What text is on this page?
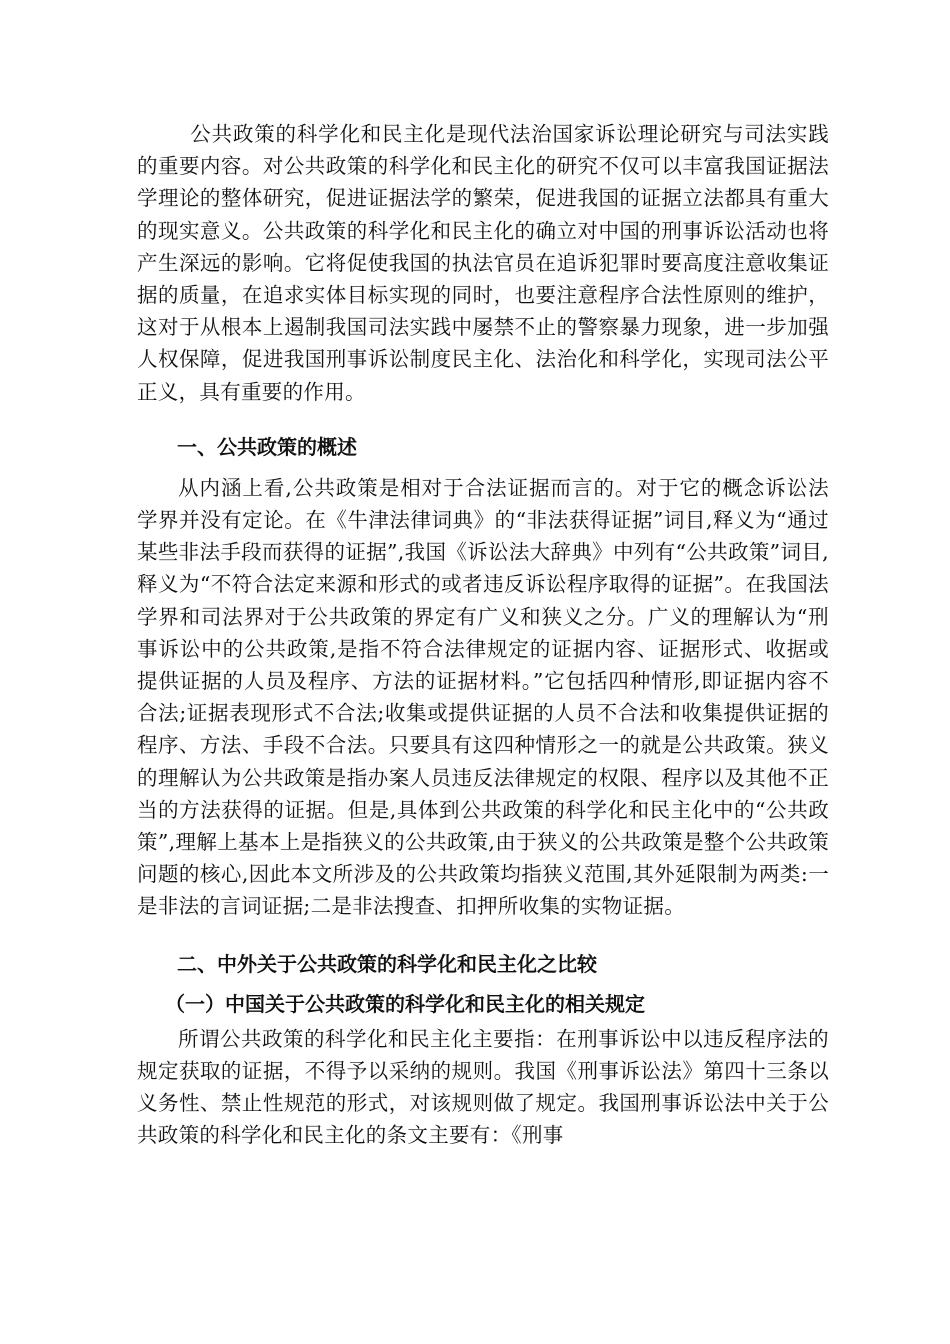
公共政策的科学化和民主化是现代法治国家诉讼理论研究与司法实践的重要内容。对公共政策的科学化和民主化的研究不仅可以丰富我国证据法学理论的整体研究，促进证据法学的繁荣，促进我国的证据立法都具有重大的现实意义。公共政策的科学化和民主化的确立对中国的刑事诉讼活动也将产生深远的影响。它将促使我国的执法官员在追诉犯罪时要高度注意收集证据的质量，在追求实体目标实现的同时，也要注意程序合法性原则的维护，这对于从根本上遏制我国司法实践中屡禁不止的警察暴力现象，进一步加强人权保障，促进我国刑事诉讼制度民主化、法治化和科学化，实现司法公平正义，具有重要的作用。

一、公共政策的概述

从内涵上看,公共政策是相对于合法证据而言的。对于它的概念诉讼法学界并没有定论。在《牛津法律词典》的“非法获得证据”词目,释义为“通过某些非法手段而获得的证据”,我国《诉讼法大辞典》中列有“公共政策”词目,释义为“不符合法定来源和形式的或者违反诉讼程序取得的证据”。在我国法学界和司法界对于公共政策的界定有广义和狭义之分。广义的理解认为“刑事诉讼中的公共政策,是指不符合法律规定的证据内容、证据形式、收据或提供证据的人员及程序、方法的证据材料。”它包括四种情形,即证据内容不合法;证据表现形式不合法;收集或提供证据的人员不合法和收集提供证据的程序、方法、手段不合法。只要具有这四种情形之一的就是公共政策。狭义的理解认为公共政策是指办案人员违反法律规定的权限、程序以及其他不正当的方法获得的证据。但是,具体到公共政策的科学化和民主化中的“公共政策”,理解上基本上是指狭义的公共政策,由于狭义的公共政策是整个公共政策问题的核心,因此本文所涉及的公共政策均指狭义范围,其外延限制为两类:一是非法的言词证据;二是非法搜查、扣押所收集的实物证据。

二、中外关于公共政策的科学化和民主化之比较
（一）中国关于公共政策的科学化和民主化的相关规定

所谓公共政策的科学化和民主化主要指：在刑事诉讼中以违反程序法的规定获取的证据，不得予以采纳的规则。我国《刑事诉讼法》第四十三条以义务性、禁止性规范的形式，对该规则做了规定。我国刑事诉讼法中关于公共政策的科学化和民主化的条文主要有：《刑事
